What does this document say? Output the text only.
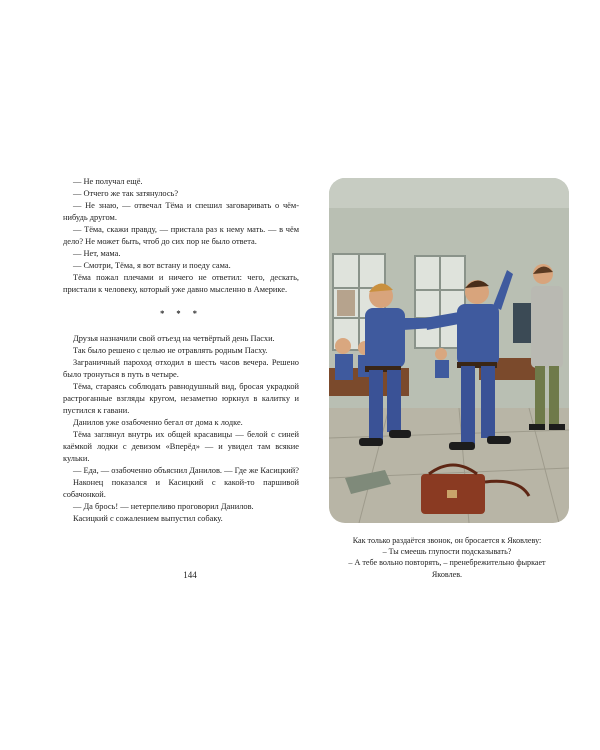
— Не получал ещё.

— Отчего же так затянулось?

— Не знаю, — отвечал Тёма и спешил заговаривать о чём-нибудь другом.

— Тёма, скажи правду, — пристала раз к нему мать. — в чём дело? Не может быть, чтоб до сих пор не было ответа.

— Нет, мама.

— Смотри, Тёма, я вот встану и поеду сама.

Тёма пожал плечами и ничего не ответил: чего, дескать, пристали к человеку, который уже давно мысленно в Америке.

* * *

Друзья назначили свой отъезд на четвёртый день Пасхи.

Так было решено с целью не отравлять родным Пасху.

Заграничный пароход отходил в шесть часов вечера. Решено было тронуться в путь в четыре.

Тёма, стараясь соблюдать равнодушный вид, бросая украдкой растроганные взгляды кругом, незаметно юркнул в калитку и пустился к гавани.

Данилов уже озабоченно бегал от дома к лодке.

Тёма заглянул внутрь их общей красавицы — белой с синей каёмкой лодки с девизом «Вперёд» — и увидел там всякие кульки.

— Еда, — озабоченно объяснил Данилов. — Где же Касицкий?

Наконец показался и Касицкий с какой-то паршивой собачонкой.

— Да брось! — нетерпеливо проговорил Данилов.

Касицкий с сожалением выпустил собаку.

144
Как только раздаётся звонок, он бросается к Яковлеву:
– Ты смеешь глупости подсказывать?
– А тебе вольно повторять, – пренебрежительно фыркает
Яковлев.
